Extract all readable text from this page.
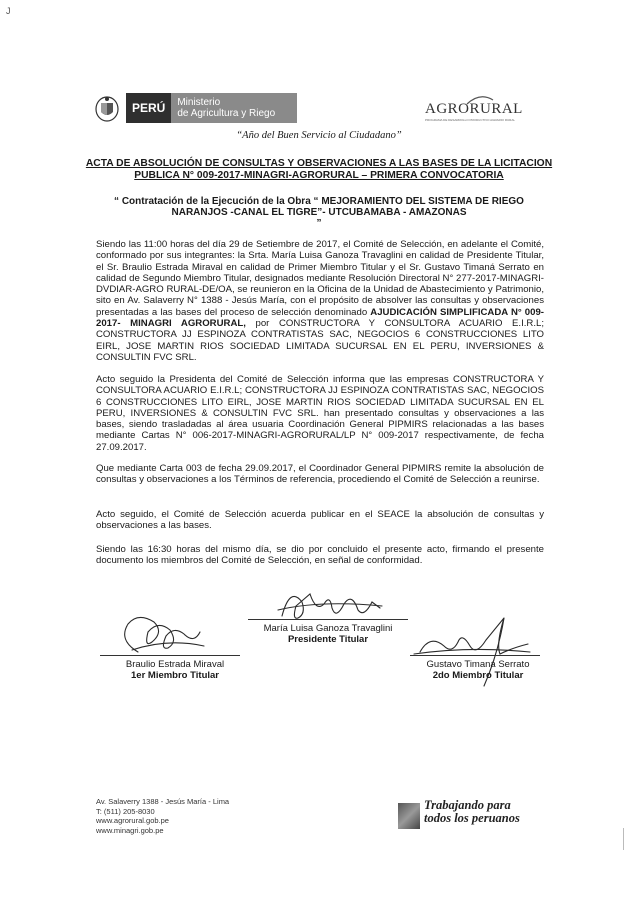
J
PERÚ	Ministerio
de Agricultura y Riego	AGRORURAL
PROGRAMA DE DESARROLLO PRODUCTIVO AGRARIO RURAL
“Año del Buen Servicio al Ciudadano”
ACTA DE ABSOLUCIÓN DE CONSULTAS Y OBSERVACIONES A LAS BASES DE LA LICITACION
PUBLICA N° 009-2017-MINAGRI-AGRORURAL – PRIMERA CONVOCATORIA
“ Contratación de la Ejecución de la Obra “ MEJORAMIENTO DEL SISTEMA DE RIEGO
NARANJOS -CANAL EL TIGRE”- UTCUBAMABA - AMAZONAS
”

Siendo las 11:00 horas del día 29 de Setiembre de 2017, el Comité de Selección, en adelante el Comité, conformado por sus integrantes: la Srta. María Luisa Ganoza Travaglini en calidad de Presidente Titular, el Sr. Braulio Estrada Miraval en calidad de Primer Miembro Titular y el Sr. Gustavo Timaná Serrato en calidad de Segundo Miembro Titular, designados mediante Resolución Directoral N° 277-2017-MINAGRI-DVDIAR-AGRO RURAL-DE/OA, se reunieron en la Oficina de la Unidad de Abastecimiento y Patrimonio, sito en Av. Salaverry N° 1388 - Jesús María, con el propósito de absolver las consultas y observaciones presentadas a las bases del proceso de selección denominado AJUDICACIÓN SIMPLIFICADA N° 009-2017- MINAGRI AGRORURAL, por CONSTRUCTORA Y CONSULTORA ACUARIO E.I.R.L; CONSTRUCTORA JJ ESPINOZA CONTRATISTAS SAC, NEGOCIOS 6 CONSTRUCCIONES LITO EIRL, JOSE MARTIN RIOS SOCIEDAD LIMITADA SUCURSAL EN EL PERU, INVERSIONES & CONSULTIN FVC SRL.

Acto seguido la Presidenta del Comité de Selección informa que las empresas CONSTRUCTORA Y CONSULTORA ACUARIO E.I.R.L; CONSTRUCTORA JJ ESPINOZA CONTRATISTAS SAC, NEGOCIOS 6 CONSTRUCCIONES LITO EIRL, JOSE MARTIN RIOS SOCIEDAD LIMITADA SUCURSAL EN EL PERU, INVERSIONES & CONSULTIN FVC SRL. han presentado consultas y observaciones a las bases, siendo trasladadas al área usuaria Coordinación General PIPMIRS relacionadas a las bases mediante Cartas N° 006-2017-MINAGRI-AGRORURAL/LP N° 009-2017 respectivamente, de fecha 27.09.2017.

Que mediante Carta 003 de fecha 29.09.2017, el Coordinador General PIPMIRS remite la absolución de consultas y observaciones a los Términos de referencia, procediendo el Comité de Selección a reunirse.

Acto seguido, el Comité de Selección acuerda publicar en el SEACE la absolución de consultas y observaciones a las bases.

Siendo las 16:30 horas del mismo día, se dio por concluido el presente acto, firmando el presente documento los miembros del Comité de Selección, en señal de conformidad.

María Luisa Ganoza Travaglini
Presidente Titular
Braulio Estrada Miraval
1er Miembro Titular
Gustavo Timaná Serrato
2do Miembro Titular
Av. Salaverry 1388 - Jesús María - Lima
T: (511) 205-8030
www.agrorural.gob.pe
www.minagri.gob.pe
Trabajando para
todos los peruanos
